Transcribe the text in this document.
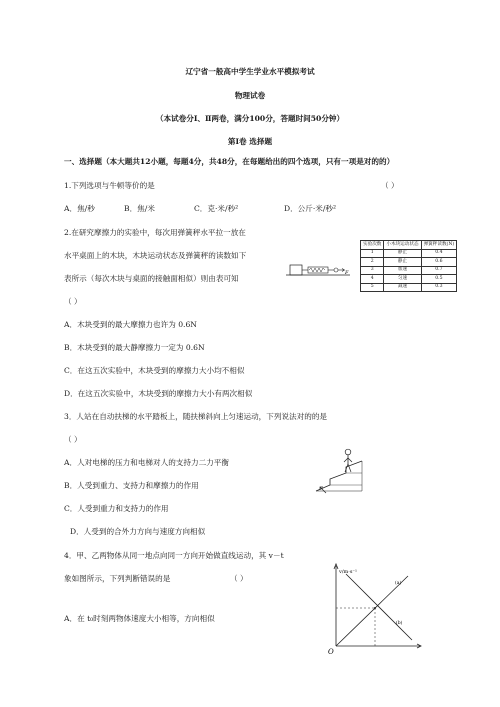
辽宁省一般高中学生学业水平模拟考试
物理试卷
（本试卷分Ⅰ、Ⅱ两卷，满分100分，答题时间50分钟）
第Ⅰ卷 选择题
一、选择题（本大题共12小题，每题4分，共48分，在每题给出的四个选项，只有一项是对的的）
1.下列选项与牛顿等价的是	（ ）
A．焦/秒	B．焦/米	C．克·米/秒²	D．公斤·米/秒²
2.在研究摩擦力的实验中，每次用弹簧秤水平拉一放在
水平桌面上的木块，木块运动状态及弹簧秤的读数如下
表所示（每次木块与桌面的接触面相似）则由表可知
（ ）
A．木块受到的最大摩擦力也许为 0.6N
B．木块受到的最大静摩擦力一定为 0.6N
C．在这五次实验中，木块受到的摩擦力大小均不相似
D．在这五次实验中，木块受到的摩擦力大小有两次相似
F
实验次数	小木块运动状态	弹簧秤读数(N)
1	静止	0.4
2	静止	0.6
3	加速	0.7
4	匀速	0.5
5	减速	0.3
3．人站在自动扶梯的水平踏板上，随扶梯斜向上匀速运动，下列说法对的的是
（ ）
A．人对电梯的压力和电梯对人的支持力二力平衡
B．人受到重力、支持力和摩擦力的作用
C．人受到重力和支持力的作用
D．人受到的合外力方向与速度方向相似
4．甲、乙两物体从同一地点向同一方向开始做直线运动，其 v－t
象如图所示，下列判断错误的是	（ ）
A．在 t₀时刻两物体速度大小相等，方向相似
v/m·s⁻¹
O
(a)
(b)
